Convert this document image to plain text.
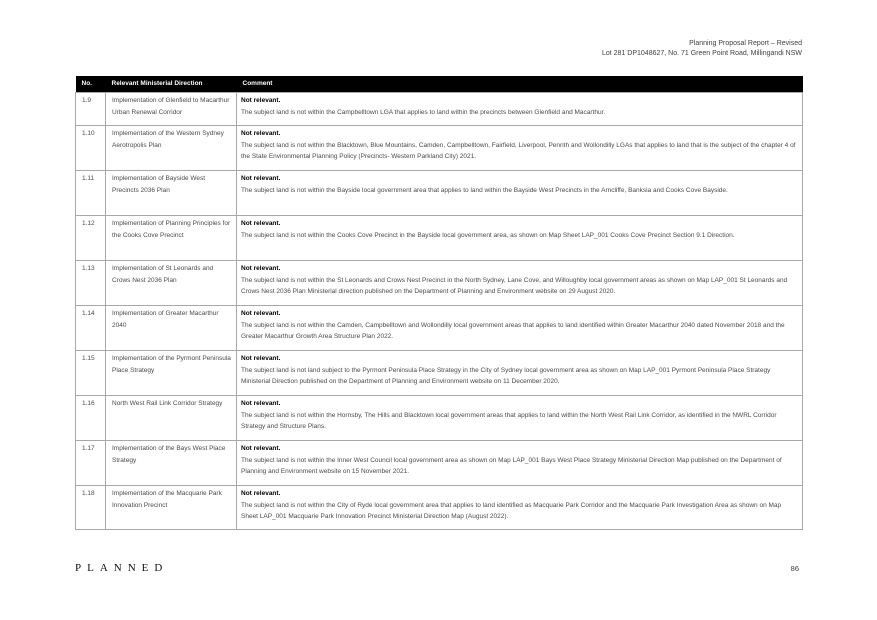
Planning Proposal Report – Revised
Lot 281 DP1048627, No. 71 Green Point Road, Millingandi NSW
No.	Relevant Ministerial Direction	Comment
1.9	Implementation of Glenfield to Macarthur Urban Renewal Corridor	Not relevant.
The subject land is not within the Campbelltown LGA that applies to land within the precincts between Glenfield and Macarthur.
1.10	Implementation of the Western Sydney Aerotropolis Plan	Not relevant.
The subject land is not within the Blacktown, Blue Mountains, Camden, Campbelltown, Fairfield, Liverpool, Penrith and Wollondilly LGAs that applies to land that is the subject of the chapter 4 of the State Environmental Planning Policy (Precincts- Western Parkland City) 2021.
1.11	Implementation of Bayside West Precincts 2036 Plan	Not relevant.
The subject land is not within the Bayside local government area that applies to land within the Bayside West Precincts in the Arncliffe, Banksia and Cooks Cove Bayside.
1.12	Implementation of Planning Principles for the Cooks Cove Precinct	Not relevant.
The subject land is not within the Cooks Cove Precinct in the Bayside local government area, as shown on Map Sheet LAP_001 Cooks Cove Precinct Section 9.1 Direction.
1.13	Implementation of St Leonards and Crows Nest 2036 Plan	Not relevant.
The subject land is not within the St Leonards and Crows Nest Precinct in the North Sydney, Lane Cove, and Willoughby local government areas as shown on Map LAP_001 St Leonards and Crows Nest 2036 Plan Ministerial direction published on the Department of Planning and Environment website on 29 August 2020.
1.14	Implementation of Greater Macarthur 2040	Not relevant.
The subject land is not within the Camden, Campbelltown and Wollondilly local government areas that applies to land identified within Greater Macarthur 2040 dated November 2018 and the Greater Macarthur Growth Area Structure Plan 2022.
1.15	Implementation of the Pyrmont Peninsula Place Strategy	Not relevant.
The subject land is not land subject to the Pyrmont Peninsula Place Strategy in the City of Sydney local government area as shown on Map LAP_001 Pyrmont Peninsula Place Strategy Ministerial Direction published on the Department of Planning and Environment website on 11 December 2020.
1.16	North West Rail Link Corridor Strategy	Not relevant.
The subject land is not within the Hornsby, The Hills and Blacktown local government areas that applies to land within the North West Rail Link Corridor, as identified in the NWRL Corridor Strategy and Structure Plans.
1.17	Implementation of the Bays West Place Strategy	Not relevant.
The subject land is not within the Inner West Council local government area as shown on Map LAP_001 Bays West Place Strategy Ministerial Direction Map published on the Department of Planning and Environment website on 15 November 2021.
1.18	Implementation of the Macquarie Park Innovation Precinct	Not relevant.
The subject land is not within the City of Ryde local government area that applies to land identified as Macquarie Park Corridor and the Macquarie Park Investigation Area as shown on Map Sheet LAP_001 Macquarie Park Innovation Precinct Ministerial Direction Map (August 2022).
PLANNED	86
